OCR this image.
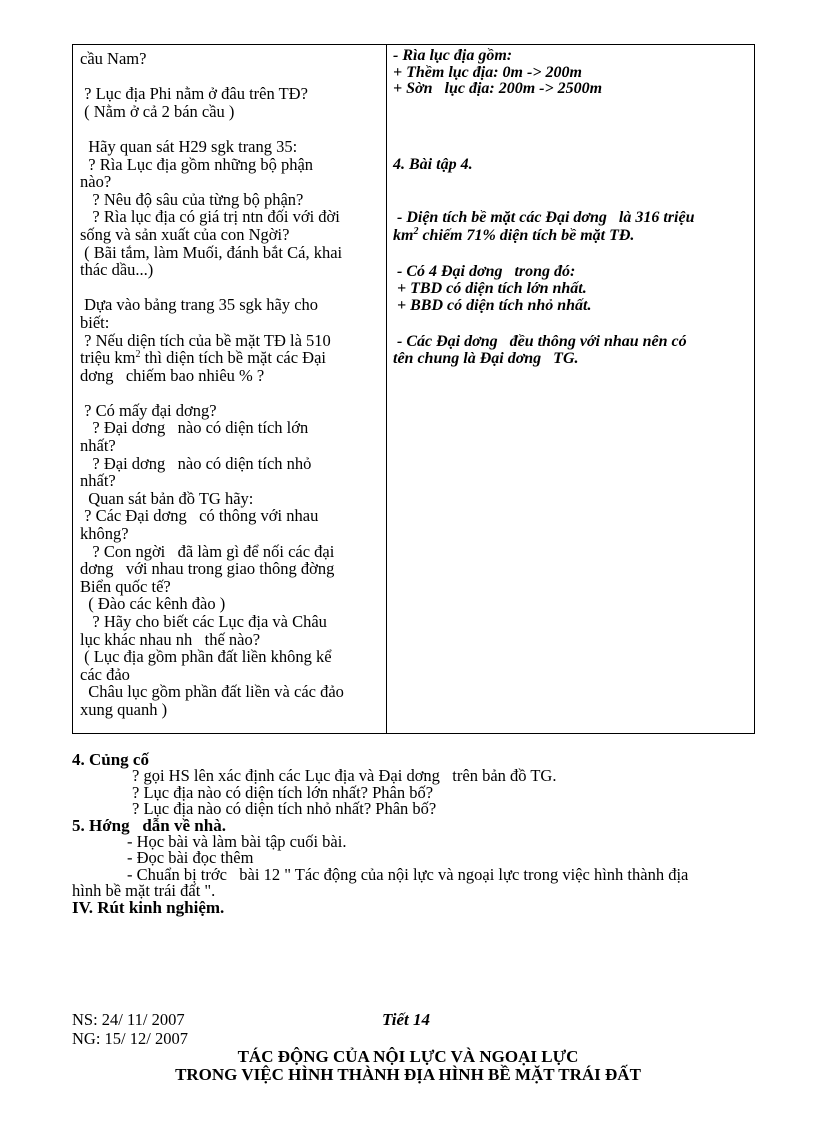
cầu Nam?
? Lục địa Phi nằm ở đâu trên TĐ?
( Nằm ở cả 2 bán cầu )
Hãy quan sát H29 sgk trang 35:
? Rìa Lục địa gồm những bộ phận
nào?
? Nêu độ sâu của từng bộ phận?
? Rìa lục địa có giá trị ntn đối với đời
sống và sản xuất của con Ngời?
( Bãi tắm, làm Muối, đánh bắt Cá, khai
thác dầu...)
Dựa vào bảng trang 35 sgk hãy cho
biết:
? Nếu diện tích của bề mặt TĐ là 510
triệu $km^2$ thì diện tích bề mặt các Đại
dơng   chiếm bao nhiêu % ?
? Có mấy đại dơng?
? Đại dơng   nào có diện tích lớn
nhất?
? Đại dơng   nào có diện tích nhỏ
nhất?
Quan sát bản đồ TG hãy:
? Các Đại dơng   có thông với nhau
không?
? Con ngời   đã làm gì để nối các đại
dơng   với nhau trong giao thông đờng
Biển quốc tế?
( Đào các kênh đào )
? Hãy cho biết các Lục địa và Châu
lục khác nhau nh   thế nào?
( Lục địa gồm phần đất liền không kể
các đảo
Châu lục gồm phần đất liền và các đảo
xung quanh )
- Rìa lục địa gồm:
+ Thềm lục địa: 0m -> 200m
+ Sờn   lục địa: 200m -> 2500m
4. Bài tập 4.
- Diện tích bề mặt các Đại dơng   là 316 triệu
$km^2$ chiếm 71% diện tích bề mặt TĐ.
- Có 4 Đại dơng   trong đó:
+ TBD có diện tích lớn nhất.
+ BBD có diện tích nhỏ nhất.
- Các Đại dơng   đều thông với nhau nên có
tên chung là Đại dơng   TG.
4. Củng cố
? gọi HS lên xác định các Lục địa và Đại dơng   trên bản đồ TG.
? Lục địa nào có diện tích lớn nhất? Phân bố?
? Lục địa nào có diện tích nhỏ nhất? Phân bố?
5. Hớng   dẫn về nhà.
- Học bài và làm bài tập cuối bài.
- Đọc bài đọc thêm
- Chuẩn bị trớc   bài 12 " Tác động của nội lực và ngoại lực trong việc hình thành địa
hình bề mặt trái đất ".
IV. Rút kinh nghiệm.
NS: 24/ 11/ 2007
NG: 15/ 12/ 2007
Tiết 14
TÁC ĐỘNG CỦA NỘI LỰC VÀ NGOẠI LỰC
TRONG VIỆC HÌNH THÀNH ĐỊA HÌNH BỀ MẶT TRÁI ĐẤT
